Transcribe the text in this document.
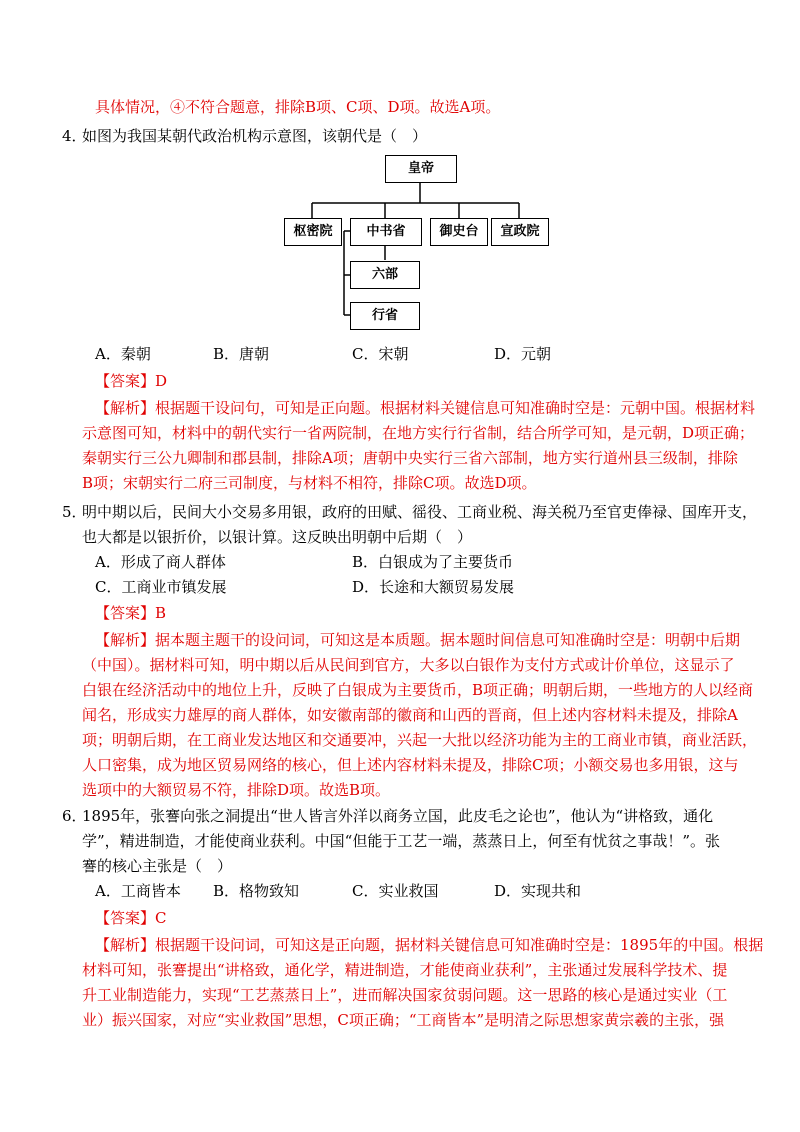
具体情况，④不符合题意，排除B项、C项、D项。故选A项。
4．
如图为我国某朝代政治机构示意图，该朝代是（　）
皇帝
枢密院	中书省	御史台	宣政院
六部
行省
A．秦朝	B．唐朝	C．宋朝	D．元朝
【答案】D
【解析】根据题干设问句，可知是正向题。根据材料关键信息可知准确时空是：元朝中国。根据材料
示意图可知，材料中的朝代实行一省两院制，在地方实行行省制，结合所学可知，是元朝，D项正确；
秦朝实行三公九卿制和郡县制，排除A项；唐朝中央实行三省六部制，地方实行道州县三级制，排除
B项；宋朝实行二府三司制度，与材料不相符，排除C项。故选D项。
5．
明中期以后，民间大小交易多用银，政府的田赋、徭役、工商业税、海关税乃至官吏俸禄、国库开支，
也大都是以银折价，以银计算。这反映出明朝中后期（　）
A．形成了商人群体	B．白银成为了主要货币
C．工商业市镇发展	D．长途和大额贸易发展
【答案】B
【解析】据本题主题干的设问词，可知这是本质题。据本题时间信息可知准确时空是：明朝中后期
（中国）。据材料可知，明中期以后从民间到官方，大多以白银作为支付方式或计价单位，这显示了
白银在经济活动中的地位上升，反映了白银成为主要货币，B项正确；明朝后期，一些地方的人以经商
闻名，形成实力雄厚的商人群体，如安徽南部的徽商和山西的晋商，但上述内容材料未提及，排除A
项；明朝后期，在工商业发达地区和交通要冲，兴起一大批以经济功能为主的工商业市镇，商业活跃，
人口密集，成为地区贸易网络的核心，但上述内容材料未提及，排除C项；小额交易也多用银，这与
选项中的大额贸易不符，排除D项。故选B项。
6．
1895年，张謇向张之洞提出“世人皆言外洋以商务立国，此皮毛之论也”，他认为“讲格致，通化
学”，精进制造，才能使商业获利。中国“但能于工艺一端，蒸蒸日上，何至有忧贫之事哉！”。张
謇的核心主张是（　）
A．工商皆本 B．格物致知	C．实业救国	D．实现共和
【答案】C
【解析】根据题干设问词，可知这是正向题，据材料关键信息可知准确时空是：1895年的中国。根据
材料可知，张謇提出“讲格致，通化学，精进制造，才能使商业获利”，主张通过发展科学技术、提
升工业制造能力，实现“工艺蒸蒸日上”，进而解决国家贫弱问题。这一思路的核心是通过实业（工
业）振兴国家，对应“实业救国”思想，C项正确；“工商皆本”是明清之际思想家黄宗羲的主张，强
